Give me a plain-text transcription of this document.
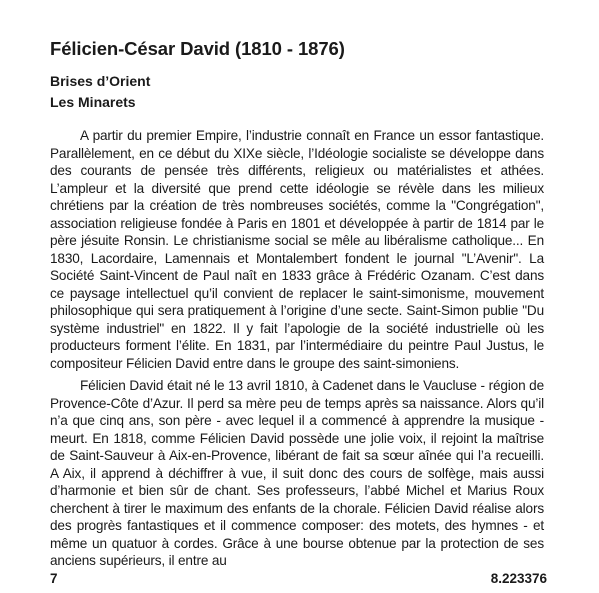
Félicien-César David (1810 - 1876)
Brises d’Orient
Les Minarets

A partir du premier Empire, l’industrie connaît en France un essor fantastique. Parallèlement, en ce début du XIXe siècle, l’Idéologie socialiste se développe dans des courants de pensée très différents, religieux ou matérialistes et athées. L’ampleur et la diversité que prend cette idéologie se révèle dans les milieux chrétiens par la création de très nombreuses sociétés, comme la "Congrégation", association religieuse fondée à Paris en 1801 et développée à partir de 1814 par le père jésuite Ronsin. Le christianisme social se mêle au libéralisme catholique... En 1830, Lacordaire, Lamennais et Montalembert fondent le journal "L’Avenir". La Société Saint-Vincent de Paul naît en 1833 grâce à Frédéric Ozanam. C’est dans ce paysage intellectuel qu’il convient de replacer le saint-simonisme, mouvement philosophique qui sera pratiquement à l’origine d’une secte. Saint-Simon publie "Du système industriel" en 1822. Il y fait l’apologie de la société industrielle où les producteurs forment l’élite. En 1831, par l’intermédiaire du peintre Paul Justus, le compositeur Félicien David entre dans le groupe des saint-simoniens.

Félicien David était né le 13 avril 1810, à Cadenet dans le Vaucluse - région de Provence-Côte d’Azur. Il perd sa mère peu de temps après sa naissance. Alors qu’il n’a que cinq ans, son père - avec lequel il a commencé à apprendre la musique - meurt. En 1818, comme Félicien David possède une jolie voix, il rejoint la maîtrise de Saint-Sauveur à Aix-en-Provence, libérant de fait sa sœur aînée qui l’a recueilli. A Aix, il apprend à déchiffrer à vue, il suit donc des cours de solfège, mais aussi d’harmonie et bien sûr de chant. Ses professeurs, l’abbé Michel et Marius Roux cherchent à tirer le maximum des enfants de la chorale. Félicien David réalise alors des progrès fantastiques et il commence composer: des motets, des hymnes - et même un quatuor à cordes. Grâce à une bourse obtenue par la protection de ses anciens supérieurs, il entre au

7	8.223376
